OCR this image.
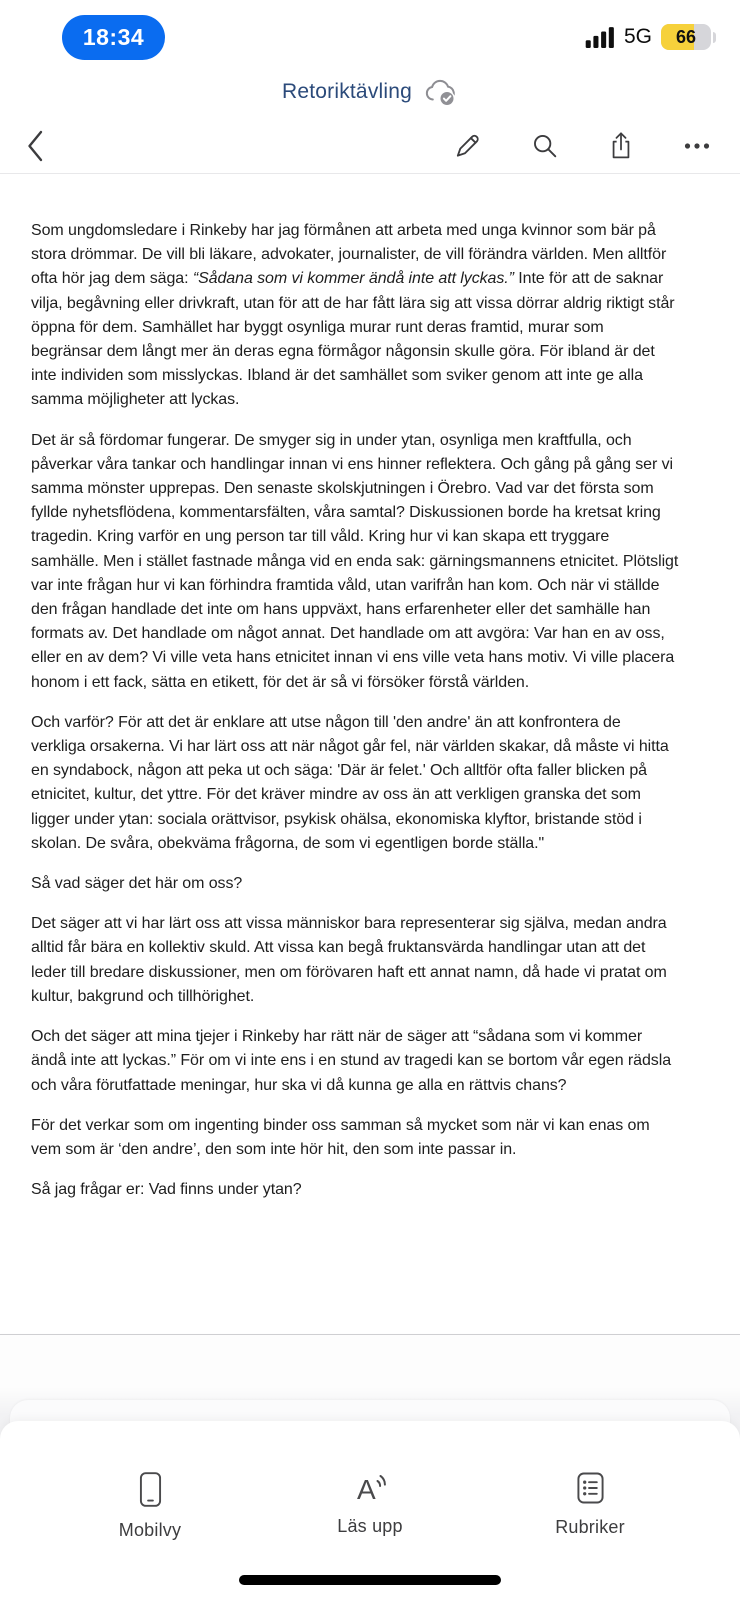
18:34	5G	66
Retoriktävling

Som ungdomsledare i Rinkeby har jag förmånen att arbeta med unga kvinnor som bär på stora drömmar. De vill bli läkare, advokater, journalister, de vill förändra världen. Men alltför ofta hör jag dem säga: “Sådana som vi kommer ändå inte att lyckas.” Inte för att de saknar vilja, begåvning eller drivkraft, utan för att de har fått lära sig att vissa dörrar aldrig riktigt står öppna för dem. Samhället har byggt osynliga murar runt deras framtid, murar som begränsar dem långt mer än deras egna förmågor någonsin skulle göra. För ibland är det inte individen som misslyckas. Ibland är det samhället som sviker genom att inte ge alla samma möjligheter att lyckas.

Det är så fördomar fungerar. De smyger sig in under ytan, osynliga men kraftfulla, och påverkar våra tankar och handlingar innan vi ens hinner reflektera. Och gång på gång ser vi samma mönster upprepas. Den senaste skolskjutningen i Örebro. Vad var det första som fyllde nyhetsflödena, kommentarsfälten, våra samtal? Diskussionen borde ha kretsat kring tragedin. Kring varför en ung person tar till våld. Kring hur vi kan skapa ett tryggare samhälle. Men i stället fastnade många vid en enda sak: gärningsmannens etnicitet. Plötsligt var inte frågan hur vi kan förhindra framtida våld, utan varifrån han kom. Och när vi ställde den frågan handlade det inte om hans uppväxt, hans erfarenheter eller det samhälle han formats av. Det handlade om något annat. Det handlade om att avgöra: Var han en av oss, eller en av dem? Vi ville veta hans etnicitet innan vi ens ville veta hans motiv. Vi ville placera honom i ett fack, sätta en etikett, för det är så vi försöker förstå världen.

Och varför? För att det är enklare att utse någon till 'den andre' än att konfrontera de verkliga orsakerna. Vi har lärt oss att när något går fel, när världen skakar, då måste vi hitta en syndabock, någon att peka ut och säga: 'Där är felet.' Och alltför ofta faller blicken på etnicitet, kultur, det yttre. För det kräver mindre av oss än att verkligen granska det som ligger under ytan: sociala orättvisor, psykisk ohälsa, ekonomiska klyftor, bristande stöd i skolan. De svåra, obekväma frågorna, de som vi egentligen borde ställa."

Så vad säger det här om oss?

Det säger att vi har lärt oss att vissa människor bara representerar sig själva, medan andra alltid får bära en kollektiv skuld. Att vissa kan begå fruktansvärda handlingar utan att det leder till bredare diskussioner, men om förövaren haft ett annat namn, då hade vi pratat om kultur, bakgrund och tillhörighet.

Och det säger att mina tjejer i Rinkeby har rätt när de säger att “sådana som vi kommer ändå inte att lyckas.” För om vi inte ens i en stund av tragedi kan se bortom vår egen rädsla och våra förutfattade meningar, hur ska vi då kunna ge alla en rättvis chans?

För det verkar som om ingenting binder oss samman så mycket som när vi kan enas om vem som är ‘den andre’, den som inte hör hit, den som inte passar in.

Så jag frågar er: Vad finns under ytan?

Mobilvy
A
Läs upp	Rubriker
